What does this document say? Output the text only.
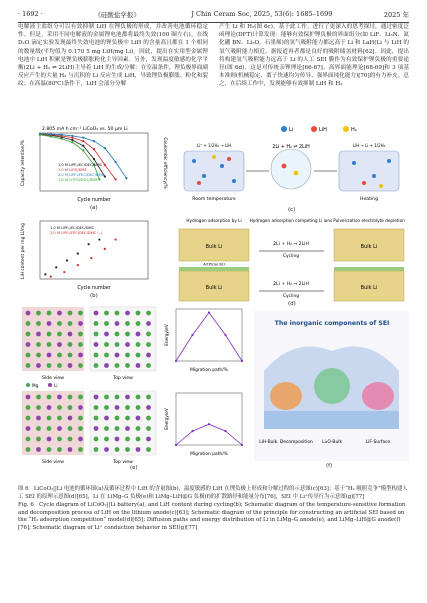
· 1692 ·	《硅酸盐学报》	J Chin Ceram Soc, 2025, 53(6): 1685–1699	2025 年

电解液主盐组分可以有效抑制 LiH 在锂负极的形成，并改善电池循环稳定性。但是，采用不同电解液的金属锂电池都将最终失效(100 圈左右)。在线 D₂O 滴定实验发现最终失效电池的锂负极中 LiH 的含量高且都在 1 个相同的数量级(平均值为 0.170 5 mg LiH/mg Li)。因此，提出在实用型金属锂电池中 LiH 积累是锂负极膨胀粉化主导因素。另外，发现温度敏感的化学平衡(2Li + H₂ ⇌ 2LiH)主导着 LiH 的生成/分解：在室温条件，锂负极界面副反应产生的大量 H₂ 与沉积的 Li 反应生成 LiH，导致锂负极膨胀、粉化和裂纹；在高温(80℃)条件下，LiH 会部分分解

产生 Li 和 H₂(图 6c)。基于此工作，进行了更深入的思考探讨，通过密度泛函理论(DFT)计算发现：能够有效保护锂负极的界面组分(如 LiF、Li₃N、氮化硼 BN、Li₂O、石墨烯)的氢气吸附能力都远高于 Li 和 LaH(Li 与 LiH 的氢气吸附能力相近。据报道再者都是良好的吸附储氢材料[62]。因此，提出将构建氢气吸附能力远高于 Li 的人工 SEI 膜作为有效保护锂负极的重要途径(图 6d)，这是对传统亲锂理论[66-67]、高界面能理论[68-69]和 3 项基本准则(机械稳定、离子快速均匀传导、强界面钝化能力)[70]的有力补充。总之，在后续工作中，发现能够有效抑制 LiH 和 H₂

2.805 mA h cm⁻² LiCoO₂ vs. 50 μm Li
Cycle number
Capacity retention/%	Coulombic efficiency/%
1.0 M LiPF₆/EC/DEC/DMC
1.0 M LiFSI/DME
2.0 M LiPF₆/FEC/DEC/DMC
1.0 M LiTFSI/DOL/DME
(a)
Li	LiH	H₂
2Li + H₂ ⇌ 2LiH
Room temperature	Heating
Li⁺ + 1/2H₂ → LiH	LiH → Li + 1/2H₂
(c)
Cycle number
LiH content per mg Li/mg	1.0 M LiPF₆/EC/DEC/DMC
2.0 M LiPF₆/FEC/DEC/DMC (..)
(b)
Hydrogen adsorption by Li Hydrogen adsorption competing Li ions Pulverization electrolyte depletion
Bulk Li	Bulk Li
Bulk Li	Bulk Li
2Li + H₂ → 2LiH
2Li + H₂ → 2LiH
Cycling
Cycling
Artificial SEI
(d)
Side view	Top view
Side view	Top view
Mg	Li
Migration path/%
Migration path/%
Energy/eV
Energy/eV
(e)
The inorganic components of SEI
LiH-Bulk. Decomposition Li₂O-Bulk	LiF-Surface
(f)

图 6　LiCoO₂||Li 电池的循环图(a)及循环过程中 LiH 的含量图(b)，温度敏感的 LiH 在锂负极上形成和分解过程的示意图(c)[63]；基于“H₂ 吸附竞争”模型构建人工 SEI 的原理示意图(d)[65]，Li 在 LiMg–G 负极(e)和 LiMg–LiH@G 负极(f)的扩散路径和能量分布[76]，SEI 中 Li⁺传导行为示意图(g)[77]

Fig. 6　Cycle diagram of LiCoO₂||Li battery(a), and LiH content during cycling(b); Schematic diagram of the temperature-sensitive formation and decomposition process of LiH on the lithium anode(c)[63]; Schematic diagram of the principle for constructing an artificial SEI based on the “H₂ adsorption competition” model(d)[65]; Diffusion paths and energy distribution of Li in LiMg–G anode(e), and LiMg–LiH@G anode(f)[76]; Schematic diagram of Li⁺ conduction behavior in SEI(g)[77]
